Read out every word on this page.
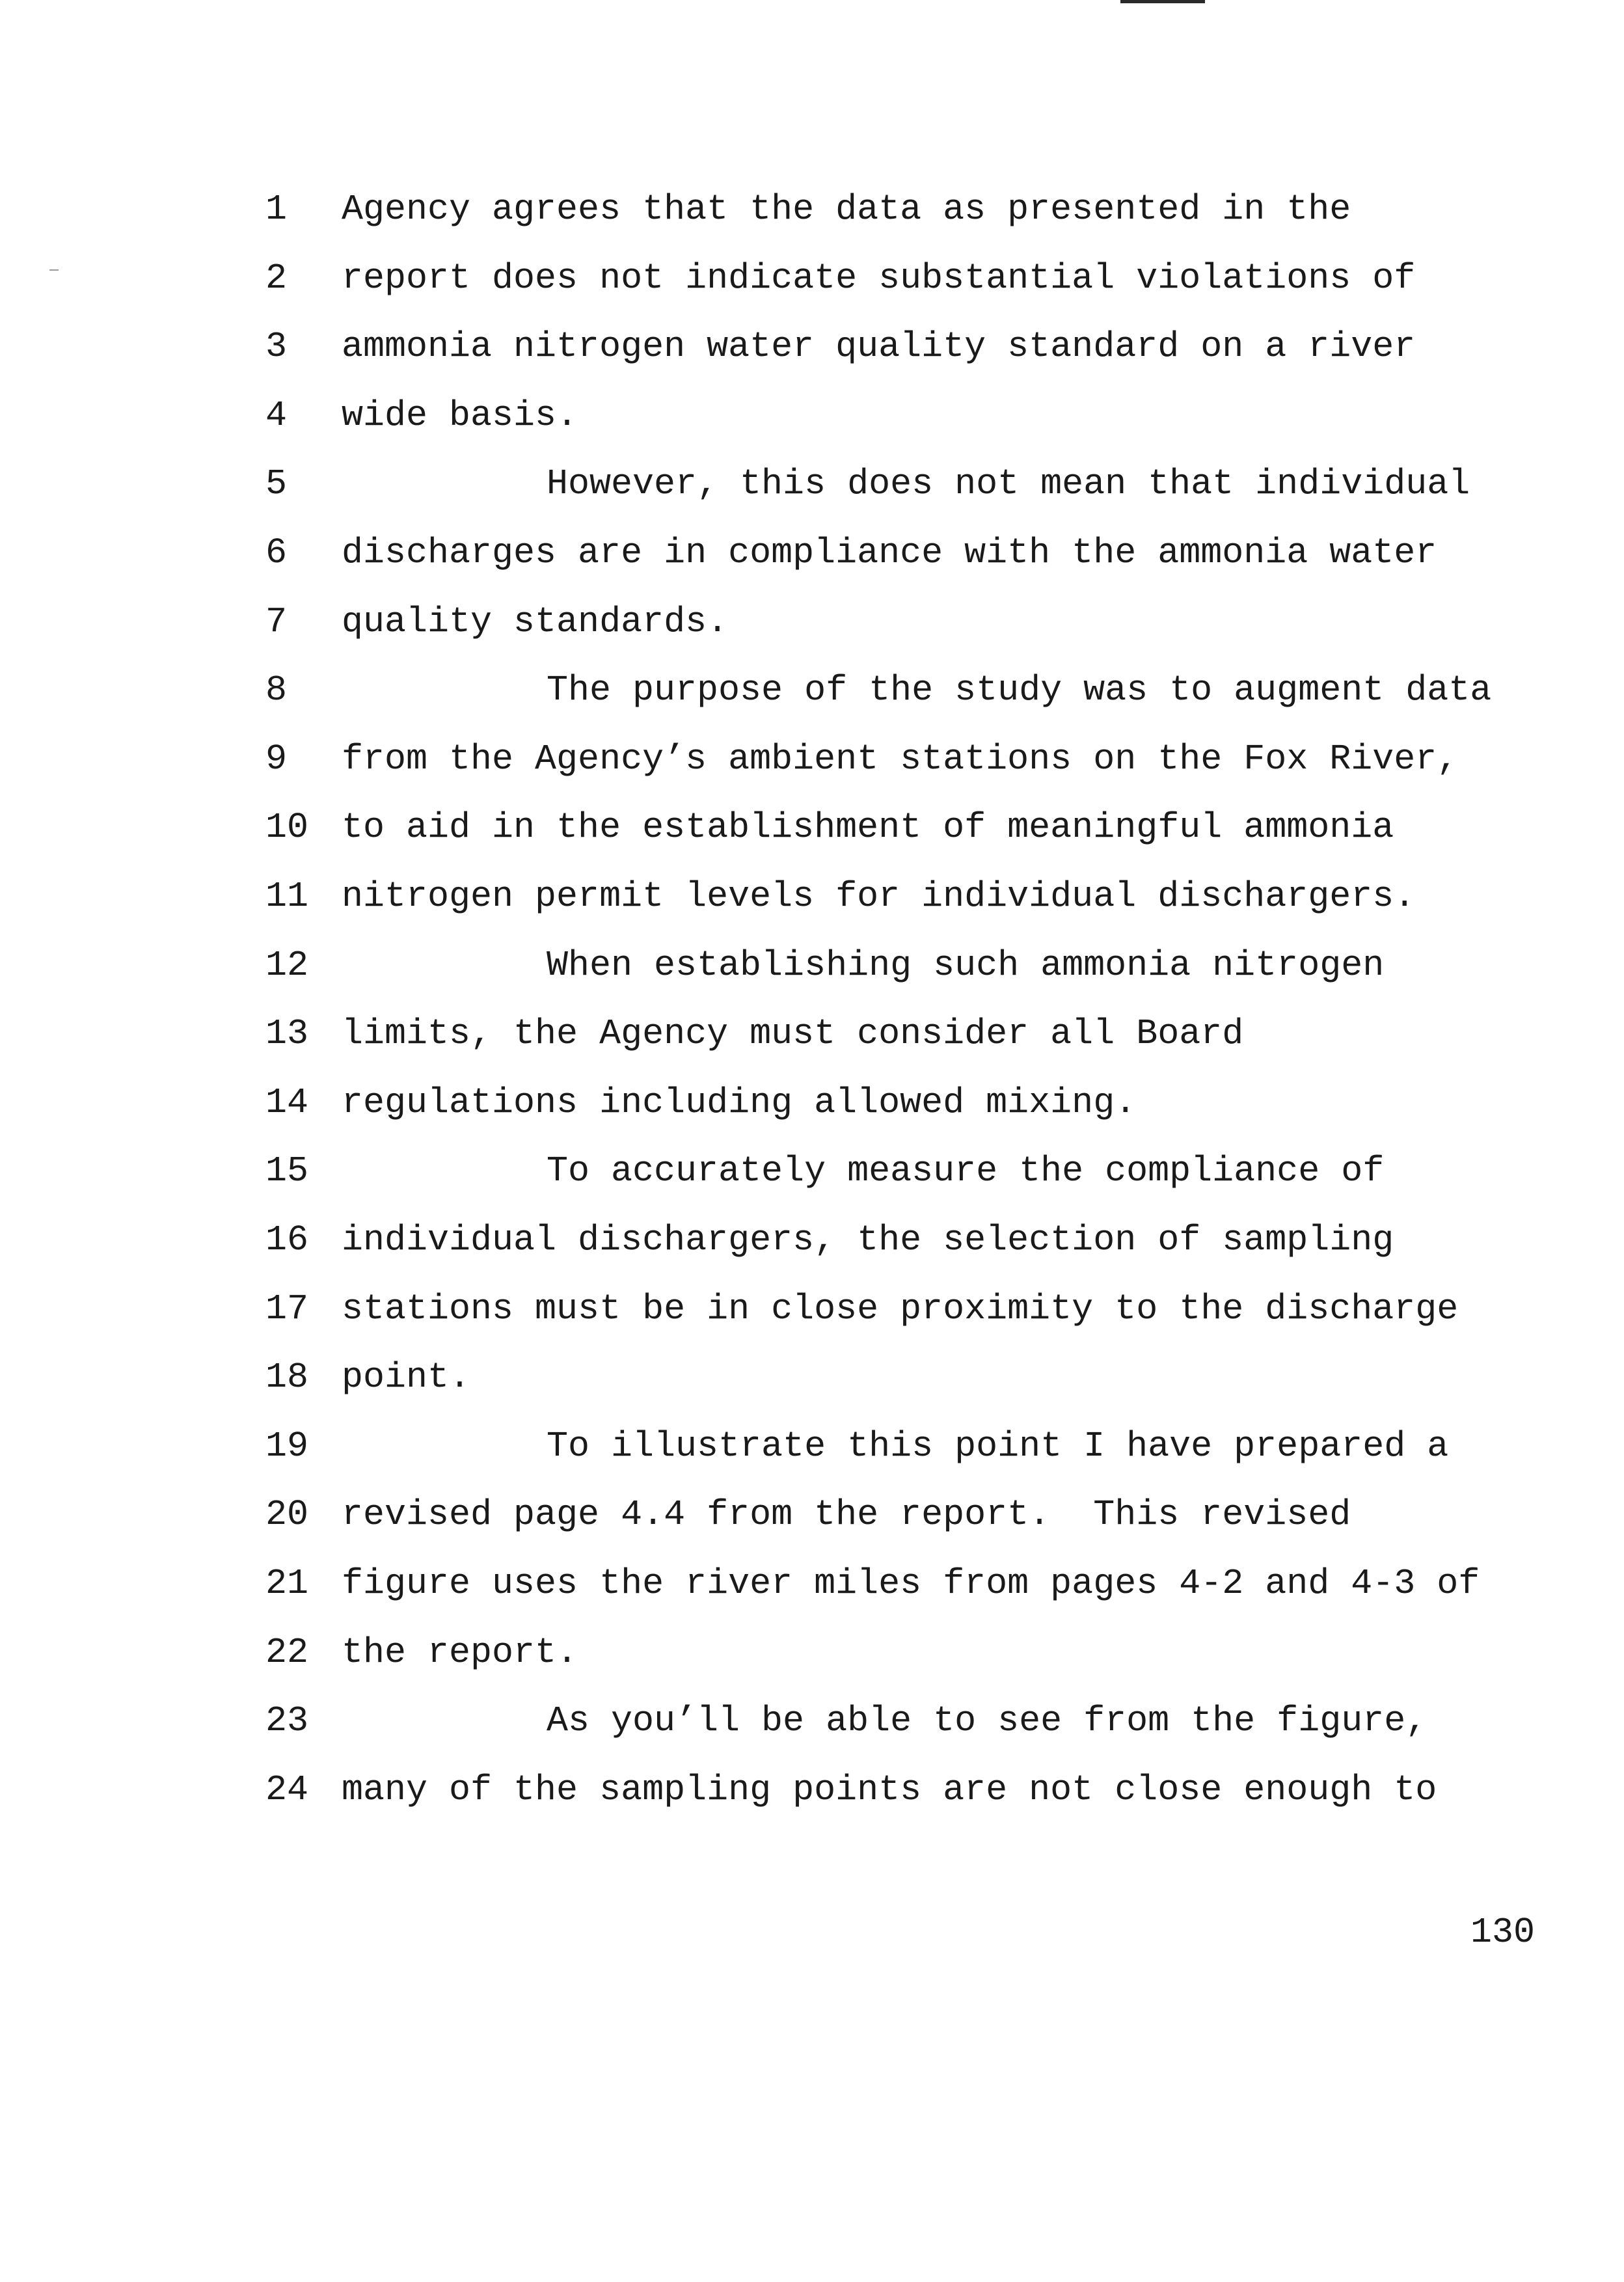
1	Agency agrees that the data as presented in the
2	report does not indicate substantial violations of
3	ammonia nitrogen water quality standard on a river
4	wide basis.
5	However, this does not mean that individual
6	discharges are in compliance with the ammonia water
7	quality standards.
8	The purpose of the study was to augment data
9	from the Agency’s ambient stations on the Fox River,
10 to aid in the establishment of meaningful ammonia
11 nitrogen permit levels for individual dischargers.
12	When establishing such ammonia nitrogen
13 limits, the Agency must consider all Board
14 regulations including allowed mixing.
15	To accurately measure the compliance of
16 individual dischargers, the selection of sampling
17 stations must be in close proximity to the discharge
18 point.
19	To illustrate this point I have prepared a
20 revised page 4.4 from the report.  This revised
21 figure uses the river miles from pages 4-2 and 4-3 of
22 the report.
23	As you’ll be able to see from the figure,
24 many of the sampling points are not close enough to
130
